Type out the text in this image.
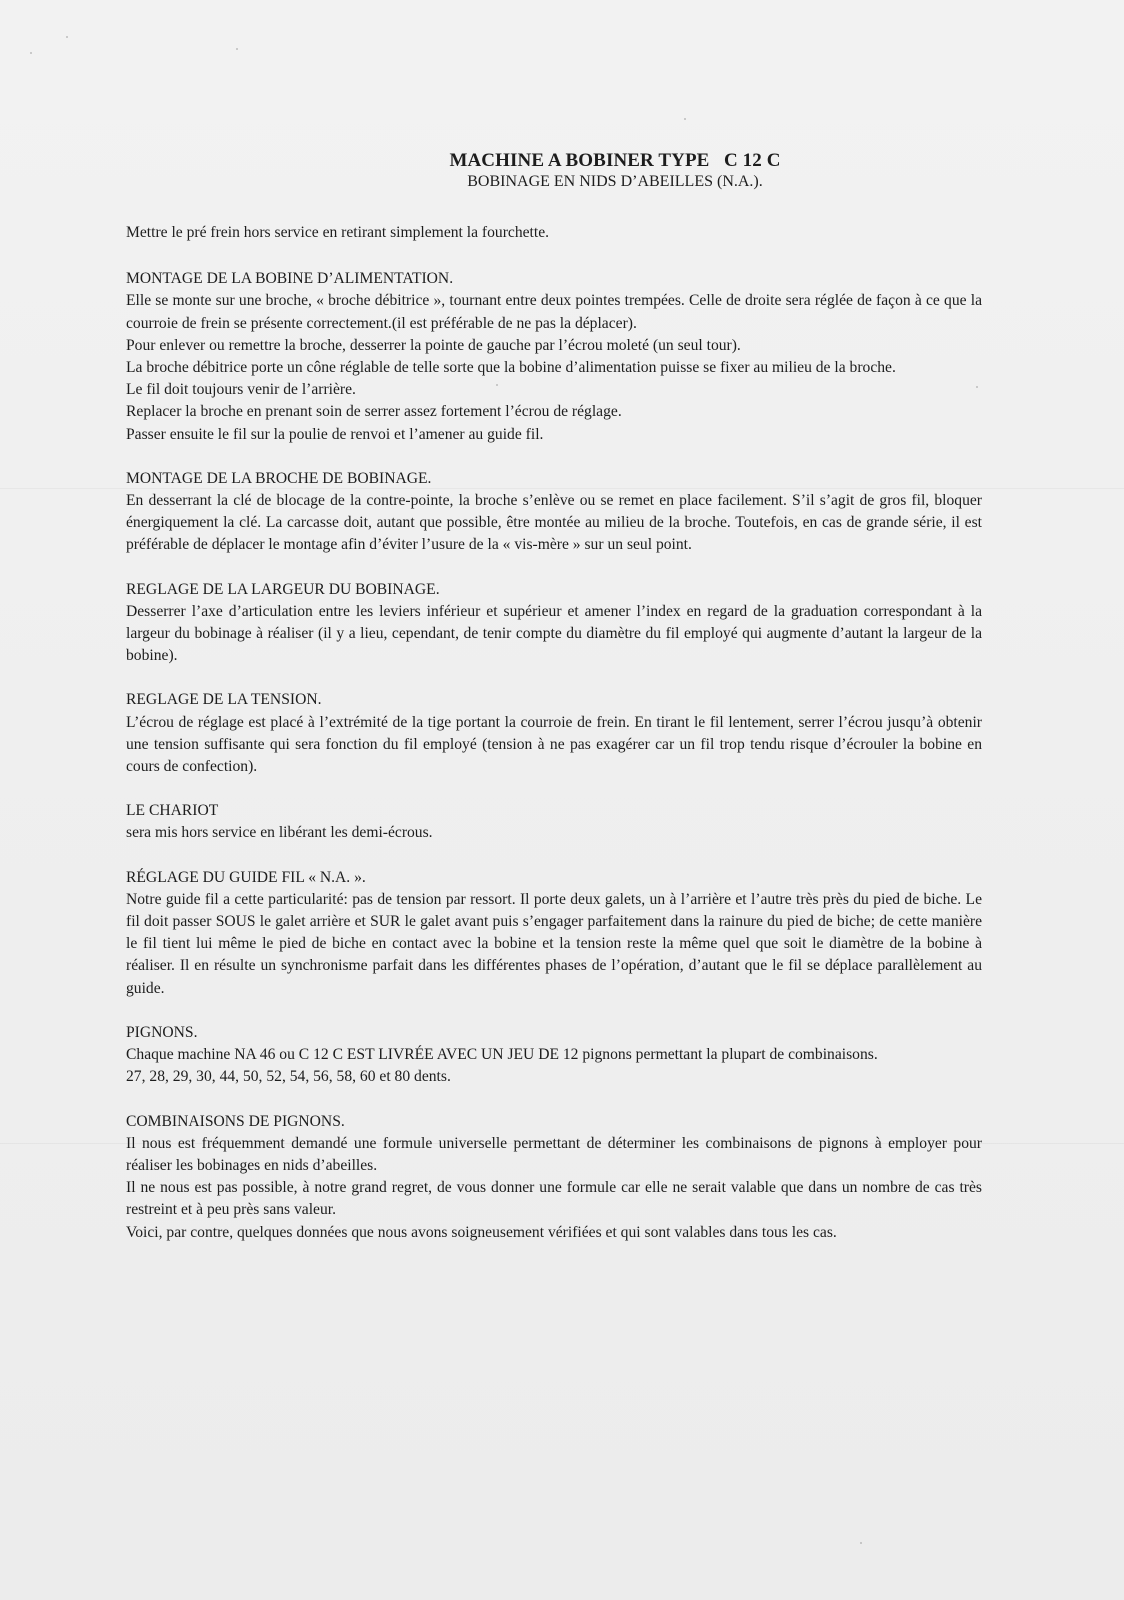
MACHINE A BOBINER TYPE   C 12 C

BOBINAGE EN NIDS D’ABEILLES (N.A.).

Mettre le pré frein hors service en retirant simplement la fourchette.

MONTAGE DE LA BOBINE D’ALIMENTATION.

Elle se monte sur une broche, « broche débitrice », tournant entre deux pointes trempées. Celle de droite sera réglée de façon à ce que la courroie de frein se présente correctement.(il est préférable de ne pas la déplacer).

Pour enlever ou remettre la broche, desserrer la pointe de gauche par l’écrou moleté (un seul tour).

La broche débitrice porte un cône réglable de telle sorte que la bobine d’alimentation puisse se fixer au milieu de la broche.

Le fil doit toujours venir de l’arrière.

Replacer la broche en prenant soin de serrer assez fortement l’écrou de réglage.

Passer ensuite le fil sur la poulie de renvoi et l’amener au guide fil.

MONTAGE DE LA BROCHE DE BOBINAGE.

En desserrant la clé de blocage de la contre-pointe, la broche s’enlève ou se remet en place facilement. S’il s’agit de gros fil, bloquer énergiquement la clé. La carcasse doit, autant que possible, être montée au milieu de la broche. Toutefois, en cas de grande série, il est préférable de déplacer le montage afin d’éviter l’usure de la « vis-mère » sur un seul point.

REGLAGE DE LA LARGEUR DU BOBINAGE.

Desserrer l’axe d’articulation entre les leviers inférieur et supérieur et amener l’index en regard de la graduation correspondant à la largeur du bobinage à réaliser (il y a lieu, cependant, de tenir compte du diamètre du fil employé qui augmente d’autant la largeur de la bobine).

REGLAGE DE LA TENSION.

L’écrou de réglage est placé à l’extrémité de la tige portant la courroie de frein. En tirant le fil lentement, serrer l’écrou jusqu’à obtenir une tension suffisante qui sera fonction du fil employé (tension à ne pas exagérer car un fil trop tendu risque d’écrouler la bobine en cours de confection).

LE CHARIOT

sera mis hors service en libérant les demi-écrous.

RÉGLAGE DU GUIDE FIL « N.A. ».

Notre guide fil a cette particularité: pas de tension par ressort. Il porte deux galets, un à l’arrière et l’autre très près du pied de biche. Le fil doit passer SOUS le galet arrière et SUR le galet avant puis s’engager parfaitement dans la rainure du pied de biche; de cette manière le fil tient lui même le pied de biche en contact avec la bobine et la tension reste la même quel que soit le diamètre de la bobine à réaliser. Il en résulte un synchronisme parfait dans les différentes phases de l’opération, d’autant que le fil se déplace parallèlement au guide.

PIGNONS.

Chaque machine NA 46 ou C 12 C EST LIVRÉE AVEC UN JEU DE 12 pignons permettant la plupart de combinaisons.

27, 28, 29, 30, 44, 50, 52, 54, 56, 58, 60 et 80 dents.

COMBINAISONS DE PIGNONS.

Il nous est fréquemment demandé une formule universelle permettant de déterminer les combinaisons de pignons à employer pour réaliser les bobinages en nids d’abeilles.

Il ne nous est pas possible, à notre grand regret, de vous donner une formule car elle ne serait valable que dans un nombre de cas très restreint et à peu près sans valeur.

Voici, par contre, quelques données que nous avons soigneusement vérifiées et qui sont valables dans tous les cas.
